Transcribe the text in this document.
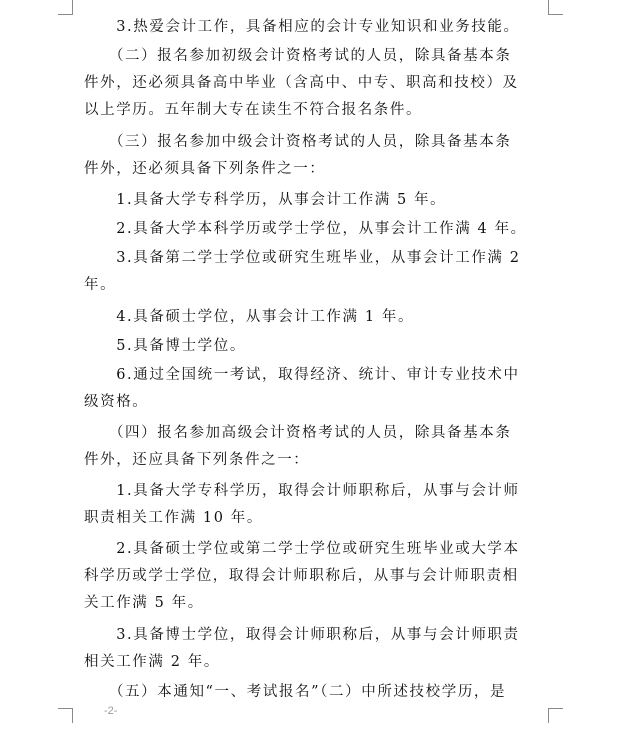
　　3.热爱会计工作，具备相应的会计专业知识和业务技能。
　　（二）报名参加初级会计资格考试的人员，除具备基本条
件外，还必须具备高中毕业（含高中、中专、职高和技校）及
以上学历。五年制大专在读生不符合报名条件。
　　（三）报名参加中级会计资格考试的人员，除具备基本条
件外，还必须具备下列条件之一：
　　1.具备大学专科学历，从事会计工作满 5 年。
　　2.具备大学本科学历或学士学位，从事会计工作满 4 年。
　　3.具备第二学士学位或研究生班毕业，从事会计工作满 2
年。
　　4.具备硕士学位，从事会计工作满 1 年。
　　5.具备博士学位。
　　6.通过全国统一考试，取得经济、统计、审计专业技术中
级资格。
　　（四）报名参加高级会计资格考试的人员，除具备基本条
件外，还应具备下列条件之一：
　　1.具备大学专科学历，取得会计师职称后，从事与会计师
职责相关工作满 10 年。
　　2.具备硕士学位或第二学士学位或研究生班毕业或大学本
科学历或学士学位，取得会计师职称后，从事与会计师职责相
关工作满 5 年。
　　3.具备博士学位，取得会计师职称后，从事与会计师职责
相关工作满 2 年。
　　（五）本通知“一、考试报名”（二）中所述技校学历，是
-2-
